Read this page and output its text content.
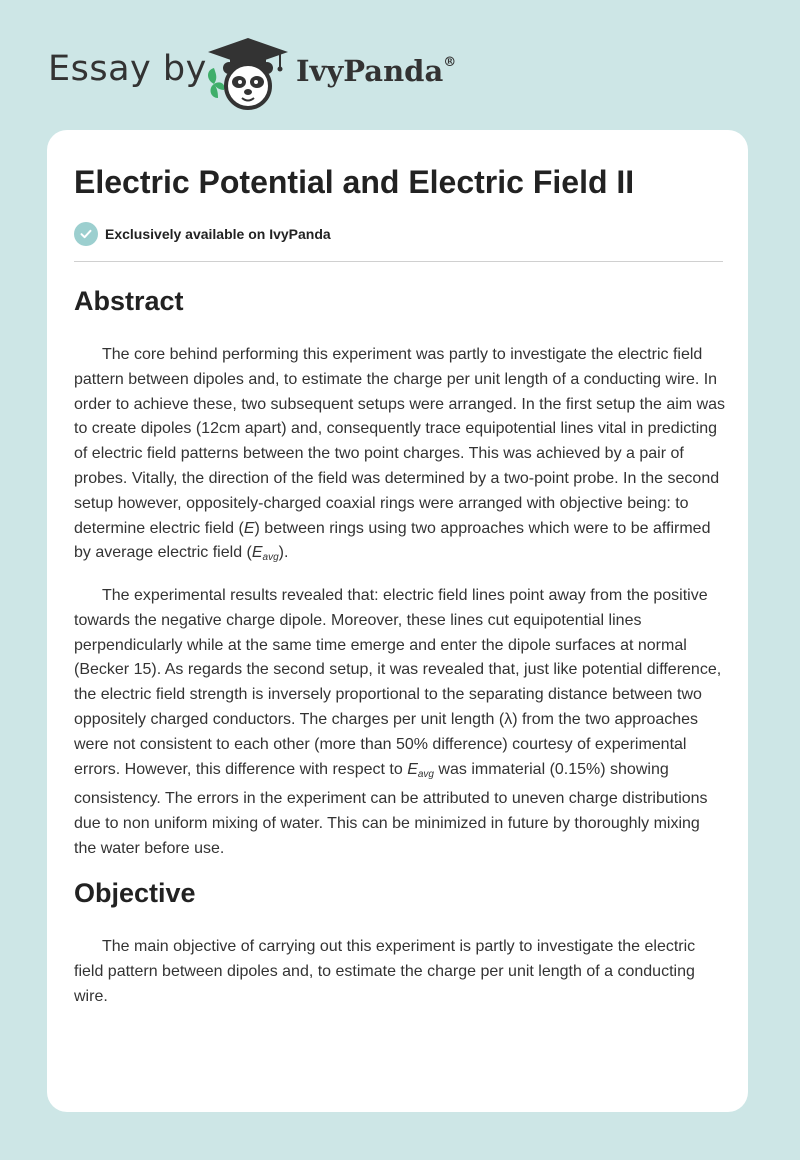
Essay by	IvyPanda®
Electric Potential and Electric Field II
Exclusively available on IvyPanda
Abstract

The core behind performing this experiment was partly to investigate the electric field pattern between dipoles and, to estimate the charge per unit length of a conducting wire. In order to achieve these, two subsequent setups were arranged. In the first setup the aim was to create dipoles (12cm apart) and, consequently trace equipotential lines vital in predicting of electric field patterns between the two point charges. This was achieved by a pair of probes. Vitally, the direction of the field was determined by a two-point probe. In the second setup however, oppositely-charged coaxial rings were arranged with objective being: to determine electric field (E) between rings using two approaches which were to be affirmed by average electric field $(E_{avg})$.

The experimental results revealed that: electric field lines point away from the positive towards the negative charge dipole. Moreover, these lines cut equipotential lines perpendicularly while at the same time emerge and enter the dipole surfaces at normal (Becker 15). As regards the second setup, it was revealed that, just like potential difference, the electric field strength is inversely proportional to the separating distance between two oppositely charged conductors. The charges per unit length (λ) from the two approaches were not consistent to each other (more than 50% difference) courtesy of experimental errors. However, this difference with respect to $E_{avg}$ was immaterial (0.15%) showing consistency. The errors in the experiment can be attributed to uneven charge distributions due to non uniform mixing of water. This can be minimized in future by thoroughly mixing the water before use.

Objective

The main objective of carrying out this experiment is partly to investigate the electric field pattern between dipoles and, to estimate the charge per unit length of a conducting wire.
